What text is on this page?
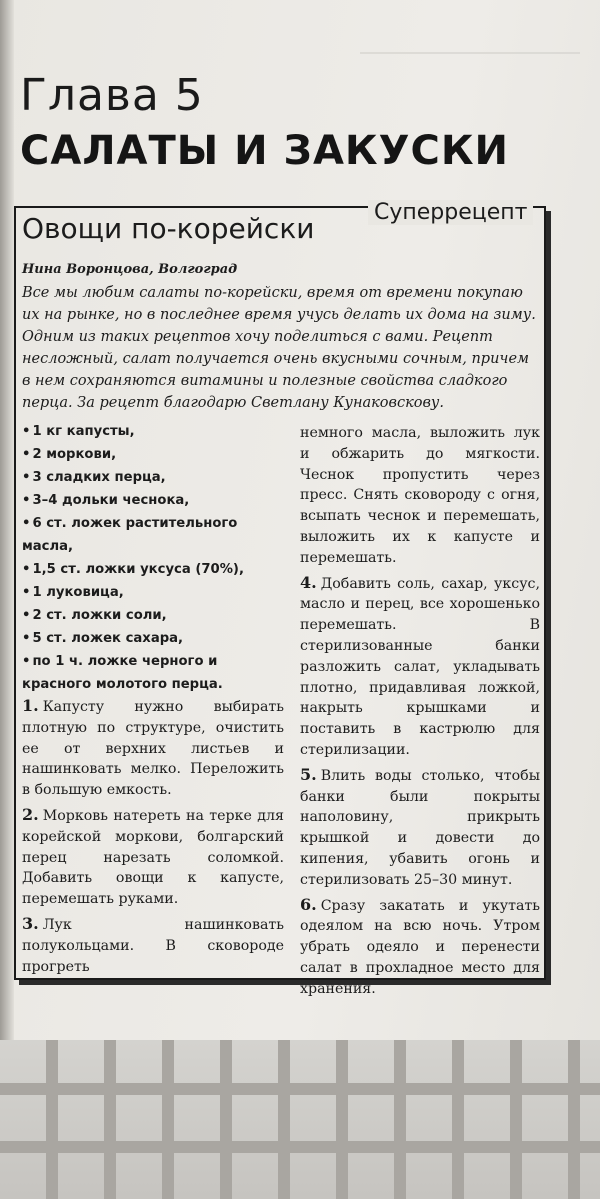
Глава 5
САЛАТЫ И ЗАКУСКИ
Суперрецепт
Овощи по-корейски
Нина Воронцова, Волгоград
Все мы любим салаты по-корейски, время от времени покупаю их на рынке, но в последнее время учусь делать их дома на зиму. Одним из таких рецептов хочу поделиться с вами. Рецепт несложный, салат получается очень вкусными сочным, причем в нем сохраняются витамины и полезные свойства сладкого перца. За рецепт благодарю Светлану Кунаковскову.
• 1 кг капусты,
• 2 моркови,
• 3 сладких перца,
• 3–4 дольки чеснока,
• 6 ст. ложек растительного масла,
• 1,5 ст. ложки уксуса (70%),
• 1 луковица,
• 2 ст. ложки соли,
• 5 ст. ложек сахара,
• по 1 ч. ложке черного и красного молотого перца.

1. Капусту нужно выбирать плотную по структуре, очистить ее от верхних листьев и нашинковать мелко. Переложить в большую емкость.

2. Морковь натереть на терке для корейской моркови, болгарский перец нарезать соломкой. Добавить овощи к капусте, перемешать руками.

3. Лук нашинковать полукольцами. В сковороде прогреть

немного масла, выложить лук и обжарить до мягкости. Чеснок пропустить через пресс. Снять сковороду с огня, всыпать чеснок и перемешать, выложить их к капусте и перемешать.

4. Добавить соль, сахар, уксус, масло и перец, все хорошенько перемешать. В стерилизованные банки разложить салат, укладывать плотно, придавливая ложкой, накрыть крышками и поставить в кастрюлю для стерилизации.

5. Влить воды столько, чтобы банки были покрыты наполовину, прикрыть крышкой и довести до кипения, убавить огонь и стерилизовать 25–30 минут.

6. Сразу закатать и укутать одеялом на всю ночь. Утром убрать одеяло и перенести салат в прохладное место для хранения.
